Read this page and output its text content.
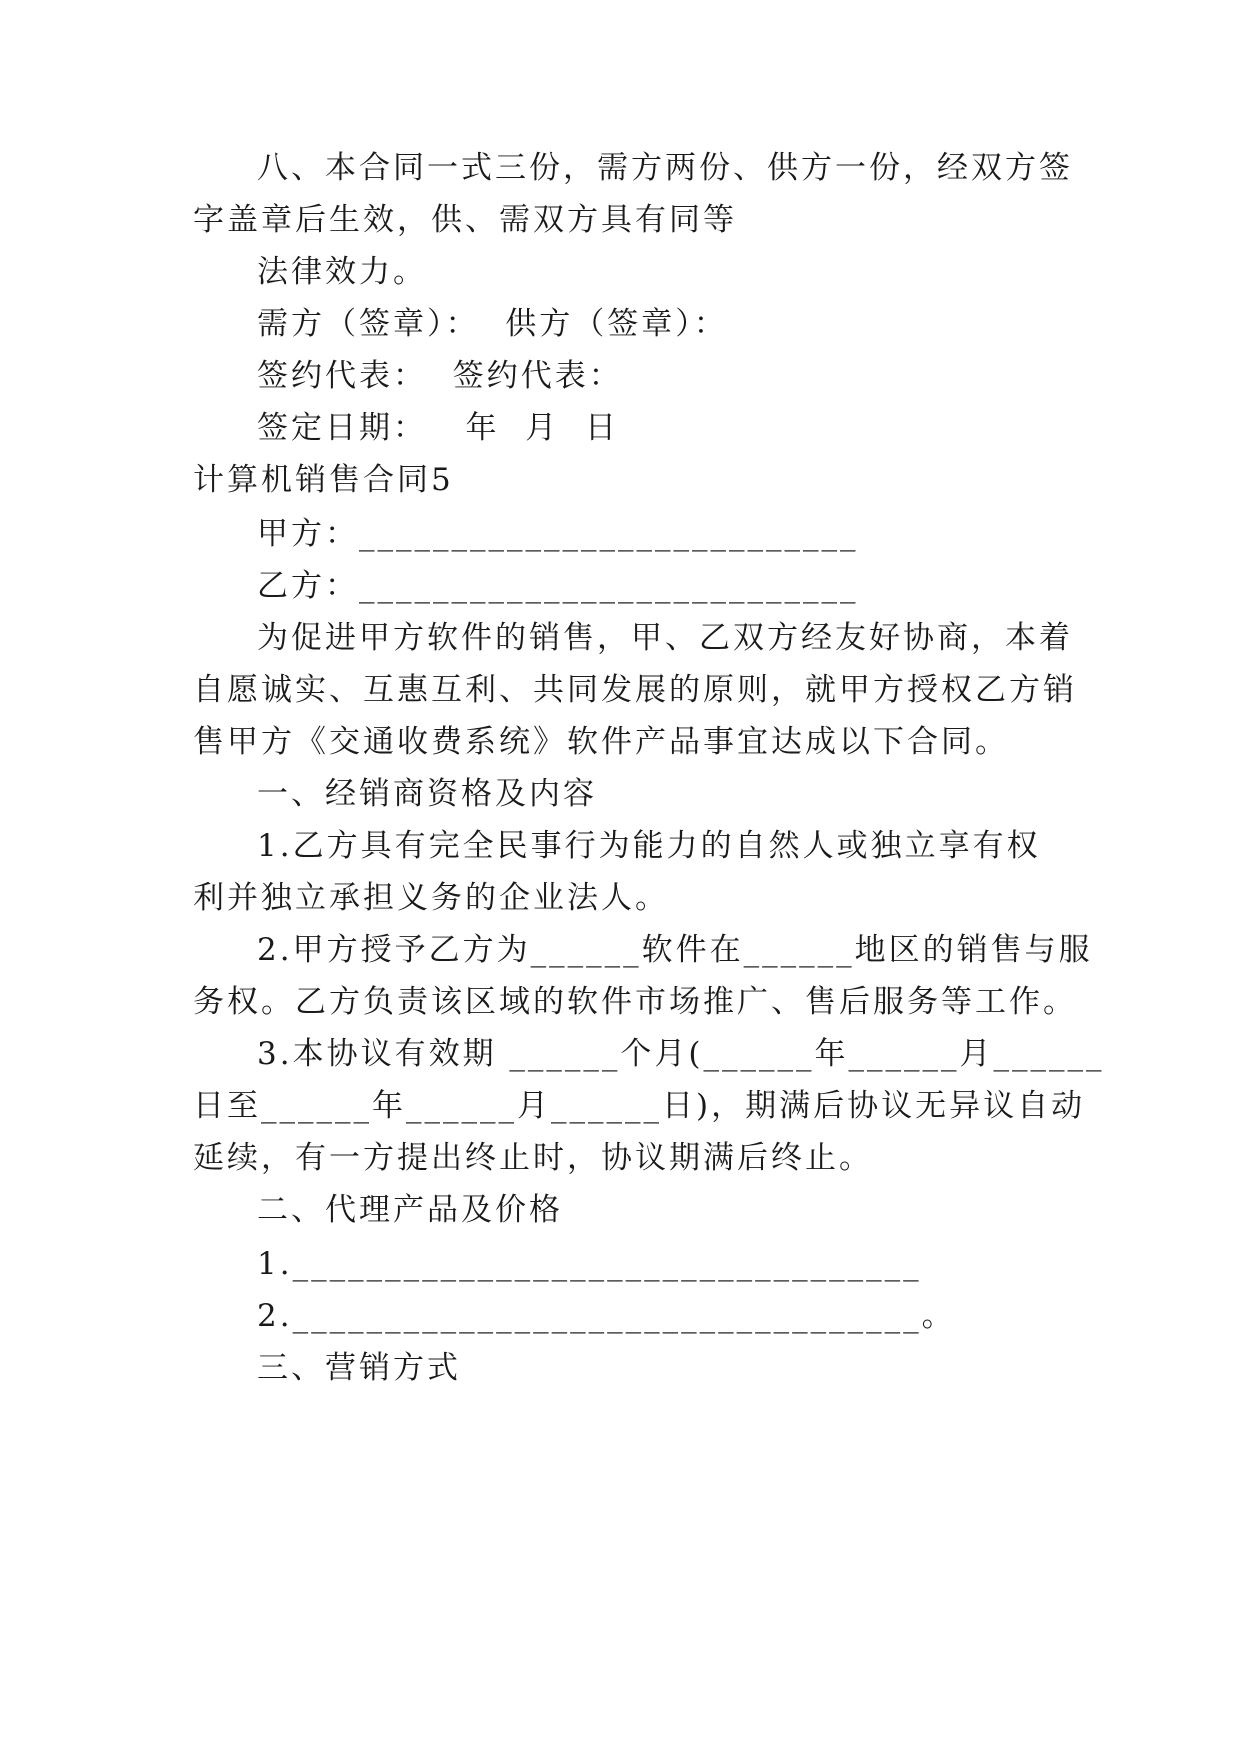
八、本合同一式三份，需方两份、供方一份，经双方签
字盖章后生效，供、需双方具有同等
法律效力。
需方（签章）：  供方（签章）：
签约代表：  签约代表：
签定日期：   年  月  日
计算机销售合同5
甲方：___________________________
乙方：___________________________
为促进甲方软件的销售，甲、乙双方经友好协商，本着
自愿诚实、互惠互利、共同发展的原则，就甲方授权乙方销
售甲方《交通收费系统》软件产品事宜达成以下合同。
一、经销商资格及内容
1.乙方具有完全民事行为能力的自然人或独立享有权
利并独立承担义务的企业法人。
2.甲方授予乙方为______软件在______地区的销售与服
务权。乙方负责该区域的软件市场推广、售后服务等工作。
3.本协议有效期 ______个月(______年______月______
日至______年______月______日)，期满后协议无异议自动
延续，有一方提出终止时，协议期满后终止。
二、代理产品及价格
1.__________________________________
2.__________________________________。
三、营销方式
